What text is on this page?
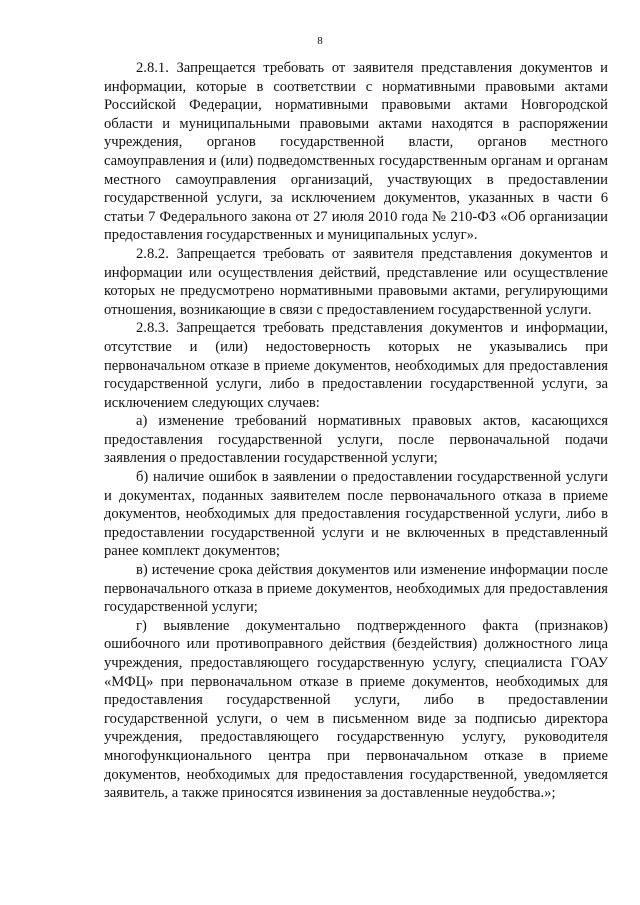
8

2.8.1. Запрещается требовать от заявителя представления документов и информации, которые в соответствии с нормативными правовыми актами Российской Федерации, нормативными правовыми актами Новгородской области и муниципальными правовыми актами находятся в распоряжении учреждения, органов государственной власти, органов местного самоуправления и (или) подведомственных государственным органам и органам местного самоуправления организаций, участвующих в предоставлении государственной услуги, за исключением документов, указанных в части 6 статьи 7 Федерального закона от 27 июля 2010 года № 210-ФЗ «Об организации предоставления государственных и муниципальных услуг».

2.8.2. Запрещается требовать от заявителя представления документов и информации или осуществления действий, представление или осуществление которых не предусмотрено нормативными правовыми актами, регулирующими отношения, возникающие в связи с предоставлением государственной услуги.

2.8.3. Запрещается требовать представления документов и информации, отсутствие и (или) недостоверность которых не указывались при первоначальном отказе в приеме документов, необходимых для предоставления государственной услуги, либо в предоставлении государственной услуги, за исключением следующих случаев:

а) изменение требований нормативных правовых актов, касающихся предоставления государственной услуги, после первоначальной подачи заявления о предоставлении государственной услуги;

б) наличие ошибок в заявлении о предоставлении государственной услуги и документах, поданных заявителем после первоначального отказа в приеме документов, необходимых для предоставления государственной услуги, либо в предоставлении государственной услуги и не включенных в представленный ранее комплект документов;

в) истечение срока действия документов или изменение информации после первоначального отказа в приеме документов, необходимых для предоставления государственной услуги;

г) выявление документально подтвержденного факта (признаков) ошибочного или противоправного действия (бездействия) должностного лица учреждения, предоставляющего государственную услугу, специалиста ГОАУ «МФЦ» при первоначальном отказе в приеме документов, необходимых для предоставления государственной услуги, либо в предоставлении государственной услуги, о чем в письменном виде за подписью директора учреждения, предоставляющего государственную услугу, руководителя многофункционального центра при первоначальном отказе в приеме документов, необходимых для предоставления государственной, уведомляется заявитель, а также приносятся извинения за доставленные неудобства.»;
